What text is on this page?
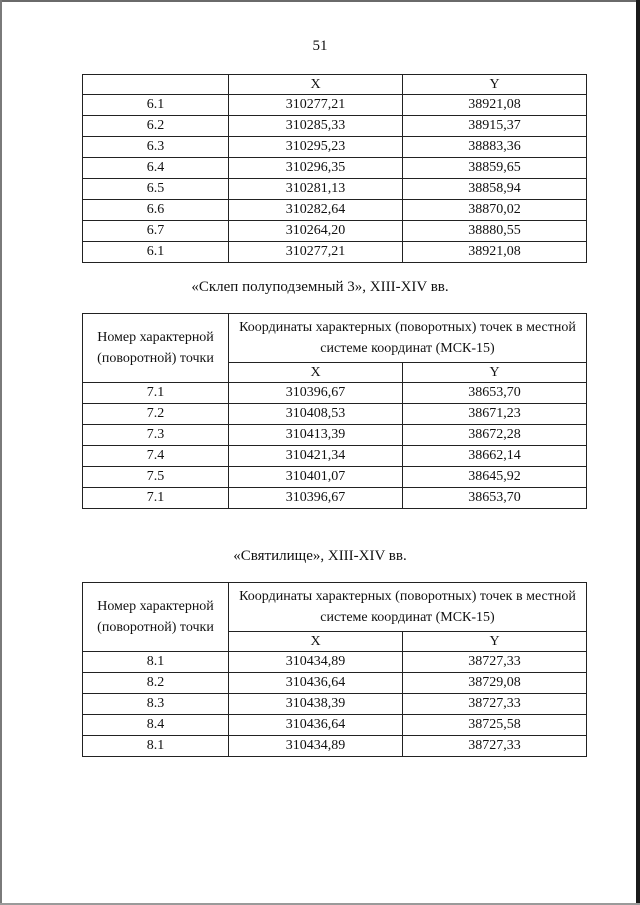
51
	X	Y
6.1	310277,21	38921,08
6.2	310285,33	38915,37
6.3	310295,23	38883,36
6.4	310296,35	38859,65
6.5	310281,13	38858,94
6.6	310282,64	38870,02
6.7	310264,20	38880,55
6.1	310277,21	38921,08
«Склеп полуподземный 3», XIII-XIV вв.
Номер характерной (поворотной) точки	Координаты характерных (поворотных) точек в местной системе координат (МСК-15)	
	X	Y
7.1	310396,67	38653,70
7.2	310408,53	38671,23
7.3	310413,39	38672,28
7.4	310421,34	38662,14
7.5	310401,07	38645,92
7.1	310396,67	38653,70
«Святилище», XIII-XIV вв.
Номер характерной (поворотной) точки	Координаты характерных (поворотных) точек в местной системе координат (МСК-15)	
	X	Y
8.1	310434,89	38727,33
8.2	310436,64	38729,08
8.3	310438,39	38727,33
8.4	310436,64	38725,58
8.1	310434,89	38727,33
